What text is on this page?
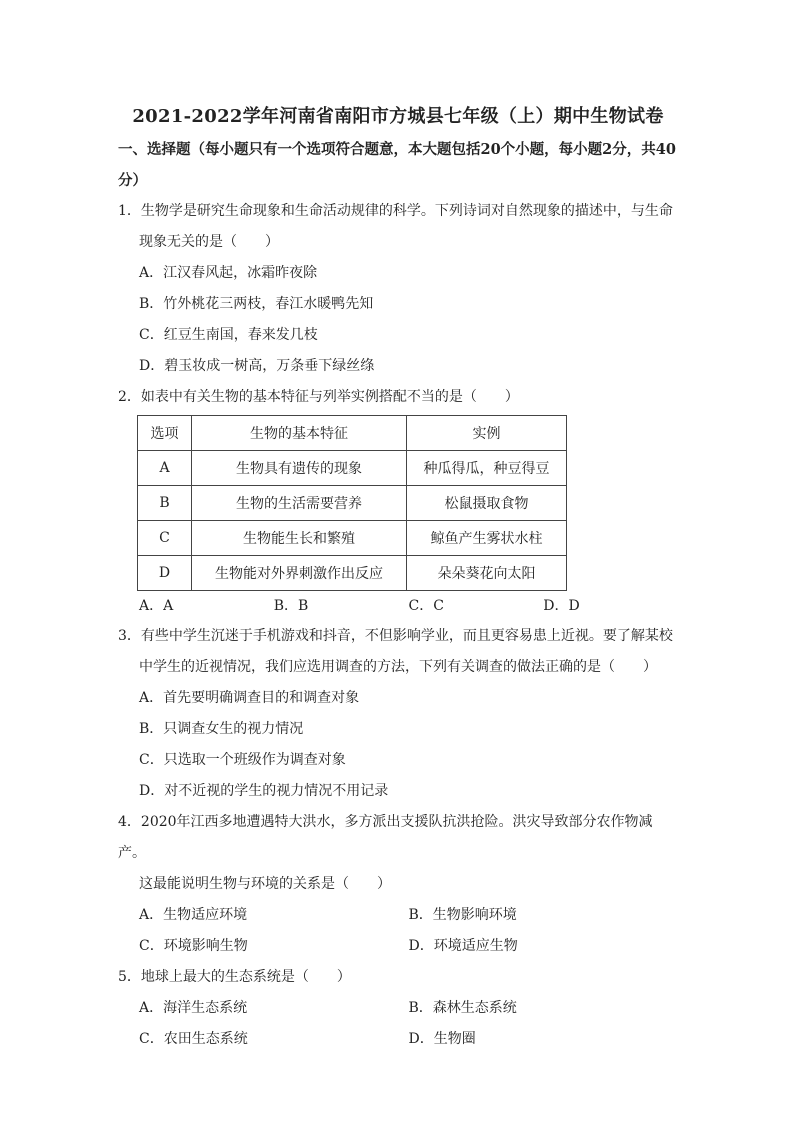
2021-2022学年河南省南阳市方城县七年级（上）期中生物试卷
一、选择题（每小题只有一个选项符合题意，本大题包括20个小题，每小题2分，共40
分）
1．生物学是研究生命现象和生命活动规律的科学。下列诗词对自然现象的描述中，与生命
现象无关的是（　　）
A．江汉春风起，冰霜昨夜除
B．竹外桃花三两枝，春江水暖鸭先知
C．红豆生南国，春来发几枝
D．碧玉妆成一树高，万条垂下绿丝绦
2．如表中有关生物的基本特征与列举实例搭配不当的是（　　）
选项	生物的基本特征	实例
A	生物具有遗传的现象	种瓜得瓜，种豆得豆
B	生物的生活需要营养	松鼠摄取食物
C	生物能生长和繁殖	鲸鱼产生雾状水柱
D	生物能对外界刺激作出反应	朵朵葵花向太阳
A．A	B．B	C．C	D．D
3．有些中学生沉迷于手机游戏和抖音，不但影响学业，而且更容易患上近视。要了解某校
中学生的近视情况，我们应选用调查的方法，下列有关调查的做法正确的是（　　）
A．首先要明确调查目的和调查对象
B．只调查女生的视力情况
C．只选取一个班级作为调查对象
D．对不近视的学生的视力情况不用记录
4．2020年江西多地遭遇特大洪水，多方派出支援队抗洪抢险。洪灾导致部分农作物减产。
这最能说明生物与环境的关系是（　　）
A．生物适应环境	B．生物影响环境
C．环境影响生物	D．环境适应生物
5．地球上最大的生态系统是（　　）
A．海洋生态系统	B．森林生态系统
C．农田生态系统	D．生物圈
